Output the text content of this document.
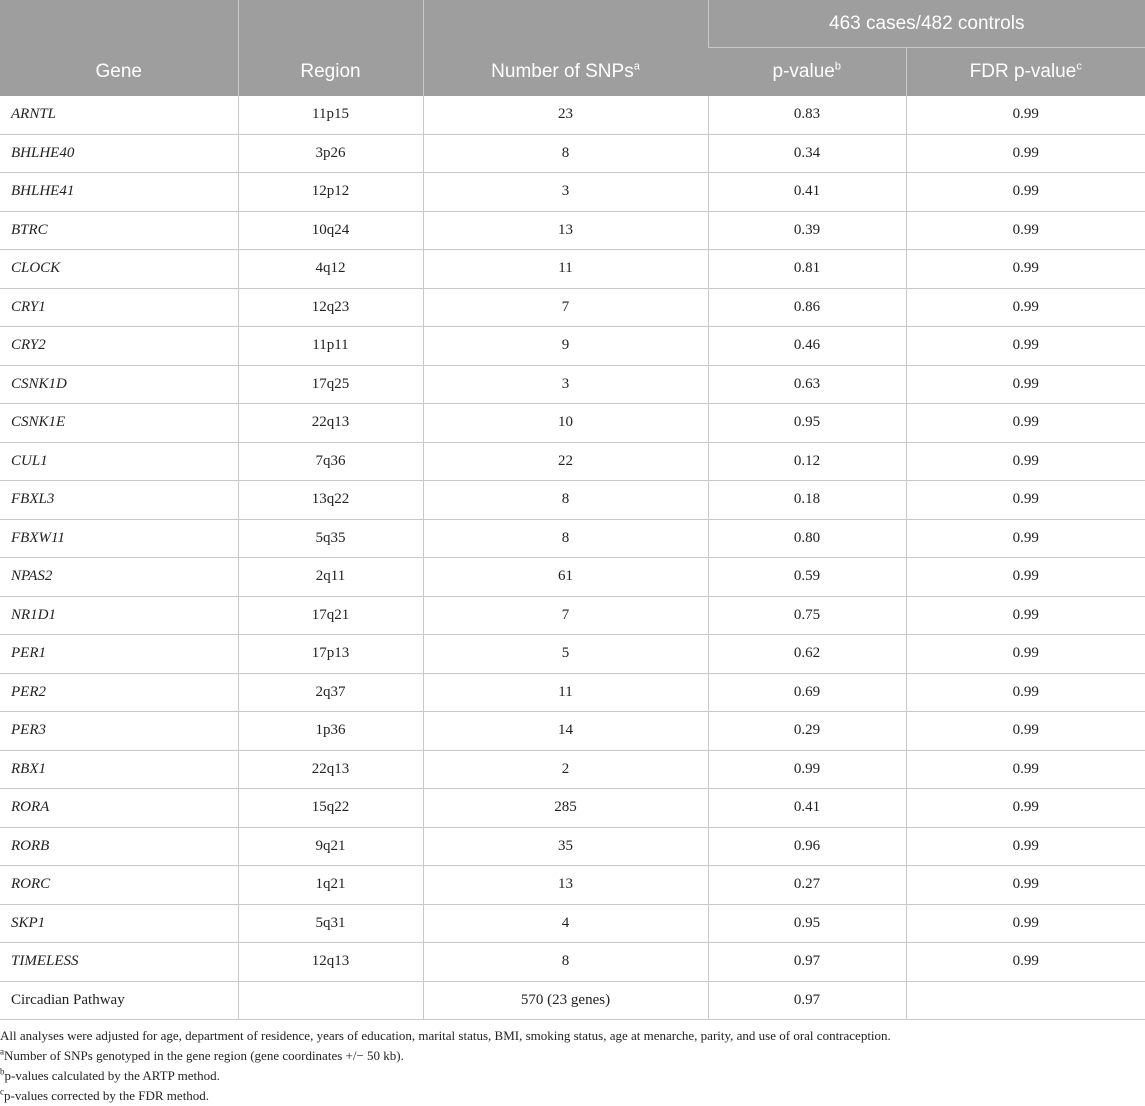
Gene	Region	Number of SNPs$^a$	463 cases/482 controls	
			p-value$^b$	FDR p-value$^c$
ARNTL	11p15	23	0.83	0.99
BHLHE40	3p26	8	0.34	0.99
BHLHE41	12p12	3	0.41	0.99
BTRC	10q24	13	0.39	0.99
CLOCK	4q12	11	0.81	0.99
CRY1	12q23	7	0.86	0.99
CRY2	11p11	9	0.46	0.99
CSNK1D	17q25	3	0.63	0.99
CSNK1E	22q13	10	0.95	0.99
CUL1	7q36	22	0.12	0.99
FBXL3	13q22	8	0.18	0.99
FBXW11	5q35	8	0.80	0.99
NPAS2	2q11	61	0.59	0.99
NR1D1	17q21	7	0.75	0.99
PER1	17p13	5	0.62	0.99
PER2	2q37	11	0.69	0.99
PER3	1p36	14	0.29	0.99
RBX1	22q13	2	0.99	0.99
RORA	15q22	285	0.41	0.99
RORB	9q21	35	0.96	0.99
RORC	1q21	13	0.27	0.99
SKP1	5q31	4	0.95	0.99
TIMELESS	12q13	8	0.97	0.99
Circadian Pathway		570 (23 genes)	0.97	

All analyses were adjusted for age, department of residence, years of education, marital status, BMI, smoking status, age at menarche, parity, and use of oral contraception.

$^a$Number of SNPs genotyped in the gene region (gene coordinates +/− 50 kb).

$^b$p-values calculated by the ARTP method.

$^c$p-values corrected by the FDR method.
